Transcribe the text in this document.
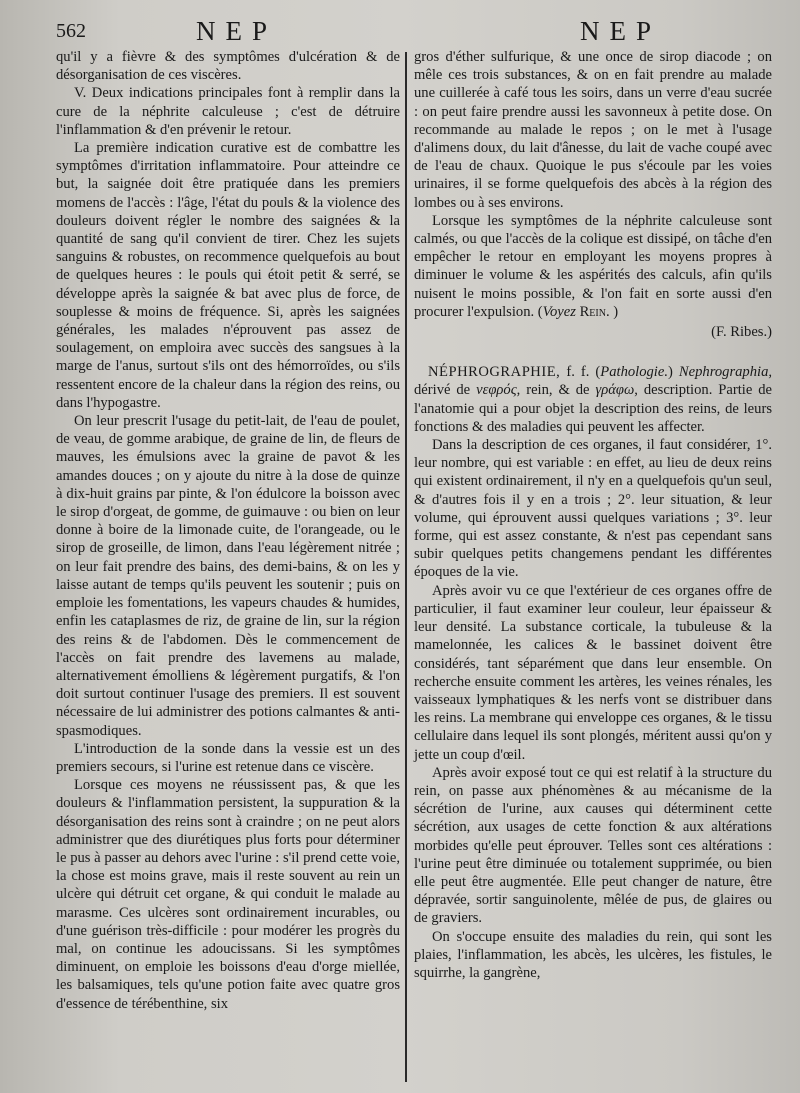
562	NEP	NEP

qu'il y a fièvre & des symptômes d'ulcération & de désorganisation de ces viscères.

V. Deux indications principales font à remplir dans la cure de la néphrite calculeuse ; c'est de détruire l'inflammation & d'en prévenir le retour.

La première indication curative est de combattre les symptômes d'irritation inflammatoire. Pour atteindre ce but, la saignée doit être pratiquée dans les premiers momens de l'accès : l'âge, l'état du pouls & la violence des douleurs doivent régler le nombre des saignées & la quantité de sang qu'il convient de tirer. Chez les sujets sanguins & robustes, on recommence quelquefois au bout de quelques heures : le pouls qui étoit petit & serré, se développe après la saignée & bat avec plus de force, de souplesse & moins de fréquence. Si, après les saignées générales, les malades n'éprouvent pas assez de soulagement, on emploira avec succès des sangsues à la marge de l'anus, surtout s'ils ont des hémorroïdes, ou s'ils ressentent encore de la chaleur dans la région des reins, ou dans l'hypogastre.

On leur prescrit l'usage du petit-lait, de l'eau de poulet, de veau, de gomme arabique, de graine de lin, de fleurs de mauves, les émulsions avec la graine de pavot & les amandes douces ; on y ajoute du nitre à la dose de quinze à dix-huit grains par pinte, & l'on édulcore la boisson avec le sirop d'orgeat, de gomme, de guimauve : ou bien on leur donne à boire de la limonade cuite, de l'orangeade, ou le sirop de groseille, de limon, dans l'eau légèrement nitrée ; on leur fait prendre des bains, des demi-bains, & on les y laisse autant de temps qu'ils peuvent les soutenir ; puis on emploie les fomentations, les vapeurs chaudes & humides, enfin les cataplasmes de riz, de graine de lin, sur la région des reins & de l'abdomen. Dès le commencement de l'accès on fait prendre des lavemens au malade, alternativement émolliens & légèrement purgatifs, & l'on doit surtout continuer l'usage des premiers. Il est souvent nécessaire de lui administrer des potions calmantes & anti-spasmodiques.

L'introduction de la sonde dans la vessie est un des premiers secours, si l'urine est retenue dans ce viscère.

Lorsque ces moyens ne réussissent pas, & que les douleurs & l'inflammation persistent, la suppuration & la désorganisation des reins sont à craindre ; on ne peut alors administrer que des diurétiques plus forts pour déterminer le pus à passer au dehors avec l'urine : s'il prend cette voie, la chose est moins grave, mais il reste souvent au rein un ulcère qui détruit cet organe, & qui conduit le malade au marasme. Ces ulcères sont ordinairement incurables, ou d'une guérison très-difficile : pour modérer les progrès du mal, on continue les adoucissans. Si les symptômes diminuent, on emploie les boissons d'eau d'orge miellée, les balsamiques, tels qu'une potion faite avec quatre gros d'essence de térébenthine, six

gros d'éther sulfurique, & une once de sirop diacode ; on mêle ces trois substances, & on en fait prendre au malade une cuillerée à café tous les soirs, dans un verre d'eau sucrée : on peut faire prendre aussi les savonneux à petite dose. On recommande au malade le repos ; on le met à l'usage d'alimens doux, du lait d'ânesse, du lait de vache coupé avec de l'eau de chaux. Quoique le pus s'écoule par les voies urinaires, il se forme quelquefois des abcès à la région des lombes ou à ses environs.

Lorsque les symptômes de la néphrite calculeuse sont calmés, ou que l'accès de la colique est dissipé, on tâche d'en empêcher le retour en employant les moyens propres à diminuer le volume & les aspérités des calculs, afin qu'ils nuisent le moins possible, & l'on fait en sorte aussi d'en procurer l'expulsion. (Voyez Rein. )

(F. Ribes.)

NÉPHROGRAPHIE, f. f. (Pathologie.) Nephrographia, dérivé de νεφρός, rein, & de γράφω, description. Partie de l'anatomie qui a pour objet la description des reins, de leurs fonctions & des maladies qui peuvent les affecter.

Dans la description de ces organes, il faut considérer, 1°. leur nombre, qui est variable : en effet, au lieu de deux reins qui existent ordinairement, il n'y en a quelquefois qu'un seul, & d'autres fois il y en a trois ; 2°. leur situation, & leur volume, qui éprouvent aussi quelques variations ; 3°. leur forme, qui est assez constante, & n'est pas cependant sans subir quelques petits changemens pendant les différentes époques de la vie.

Après avoir vu ce que l'extérieur de ces organes offre de particulier, il faut examiner leur couleur, leur épaisseur & leur densité. La substance corticale, la tubuleuse & la mamelonnée, les calices & le bassinet doivent être considérés, tant séparément que dans leur ensemble. On recherche ensuite comment les artères, les veines rénales, les vaisseaux lymphatiques & les nerfs vont se distribuer dans les reins. La membrane qui enveloppe ces organes, & le tissu cellulaire dans lequel ils sont plongés, méritent aussi qu'on y jette un coup d'œil.

Après avoir exposé tout ce qui est relatif à la structure du rein, on passe aux phénomènes & au mécanisme de la sécrétion de l'urine, aux causes qui déterminent cette sécrétion, aux usages de cette fonction & aux altérations morbides qu'elle peut éprouver. Telles sont ces altérations : l'urine peut être diminuée ou totalement supprimée, ou bien elle peut être augmentée. Elle peut changer de nature, être dépravée, sortir sanguinolente, mêlée de pus, de glaires ou de graviers.

On s'occupe ensuite des maladies du rein, qui sont les plaies, l'inflammation, les abcès, les ulcères, les fistules, le squirrhe, la gangrène,
